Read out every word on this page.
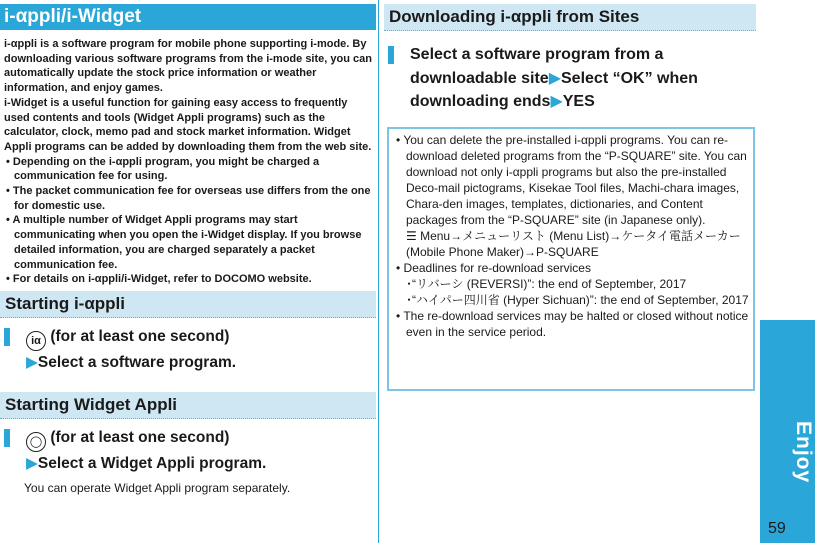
i-αppli/i-Widget

i-αppli is a software program for mobile phone supporting i-mode. By downloading various software programs from the i-mode site, you can automatically update the stock price information or weather information, and enjoy games.

i-Widget is a useful function for gaining easy access to frequently used contents and tools (Widget Appli programs) such as the calculator, clock, memo pad and stock market information. Widget Appli programs can be added by downloading them from the web site.

• Depending on the i-αppli program, you might be charged a communication fee for using.

• The packet communication fee for overseas use differs from the one for domestic use.

• A multiple number of Widget Appli programs may start communicating when you open the i-Widget display. If you browse detailed information, you are charged separately a packet communication fee.

• For details on i-αppli/i-Widget, refer to DOCOMO website.

Starting i-αppli
iα (for at least one second)
▶Select a software program.
Starting Widget Appli
◯ (for at least one second)
▶Select a Widget Appli program.
You can operate Widget Appli program separately.
Downloading i-αppli from Sites
Select a software program from a downloadable site▶Select “OK” when downloading ends▶YES

• You can delete the pre-installed i-αppli programs. You can re-download deleted programs from the “P-SQUARE” site. You can download not only i-αppli programs but also the pre-installed Deco-mail pictograms, Kisekae Tool files, Machi-chara images, Chara-den images, templates, dictionaries, and Content packages from the “P-SQUARE” site (in Japanese only).

☰ Menu→メニューリスト (Menu List)→ケータイ電話メーカー (Mobile Phone Maker)→P-SQUARE

• Deadlines for re-download services

･“リバーシ (REVERSI)”: the end of September, 2017

･“ハイパー四川省 (Hyper Sichuan)”: the end of September, 2017

• The re-download services may be halted or closed without notice even in the service period.

Enjoy
59
